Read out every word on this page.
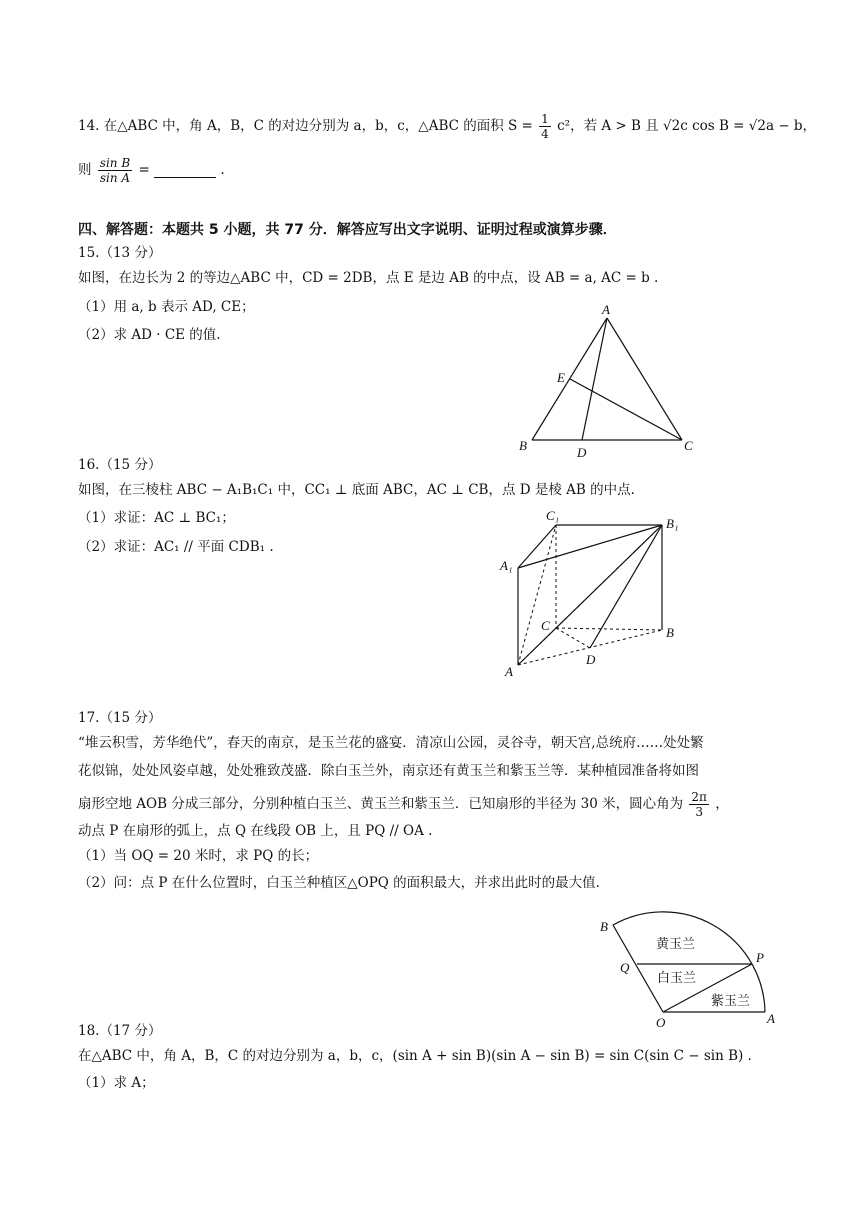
14. 在△ABC 中，角 A，B，C 的对边分别为 a，b，c，△ABC 的面积 $S = \frac{1}{4} c^2$，若 A > B 且 √2c cos B = √2a − b，
则 $\frac{\text{sin B}}{\text{sin A}}$ =	.
四、解答题：本题共 5 小题，共 77 分．解答应写出文字说明、证明过程或演算步骤．
15.（13 分）
如图，在边长为 2 的等边△ABC 中，CD = 2DB，点 E 是边 AB 的中点，设 AB = a, AC = b .
（1）用 a, b 表示 AD, CE；
（2）求 AD · CE 的值.
A
E
B	D	C
16.（15 分）
如图，在三棱柱 ABC − A₁B₁C₁ 中，CC₁ ⊥ 底面 ABC，AC ⊥ CB，点 D 是棱 AB 的中点.
（1）求证：AC ⊥ BC₁；
（2）求证：AC₁ // 平面 CDB₁ .
C₁
B₁
A₁
C	B
D
A
17.（15 分）
“堆云积雪，芳华绝代”，春天的南京，是玉兰花的盛宴．清凉山公园，灵谷寺，朝天宫,总统府……处处繁
花似锦，处处风姿卓越，处处雅致茂盛．除白玉兰外，南京还有黄玉兰和紫玉兰等．某种植园准备将如图
扇形空地 AOB 分成三部分，分别种植白玉兰、黄玉兰和紫玉兰．已知扇形的半径为 30 米，圆心角为 $\frac{2\pi}{3}$ ，
动点 P 在扇形的弧上，点 Q 在线段 OB 上，且 PQ // OA .
（1）当 OQ = 20 米时，求 PQ 的长；
（2）问：点 P 在什么位置时，白玉兰种植区△OPQ 的面积最大，并求出此时的最大值.
B
Q
P
O	A
黄玉兰
白玉兰
紫玉兰
18.（17 分）
在△ABC 中，角 A，B，C 的对边分别为 a，b，c，(sin A + sin B)(sin A − sin B) = sin C(sin C − sin B) .
（1）求 A；
